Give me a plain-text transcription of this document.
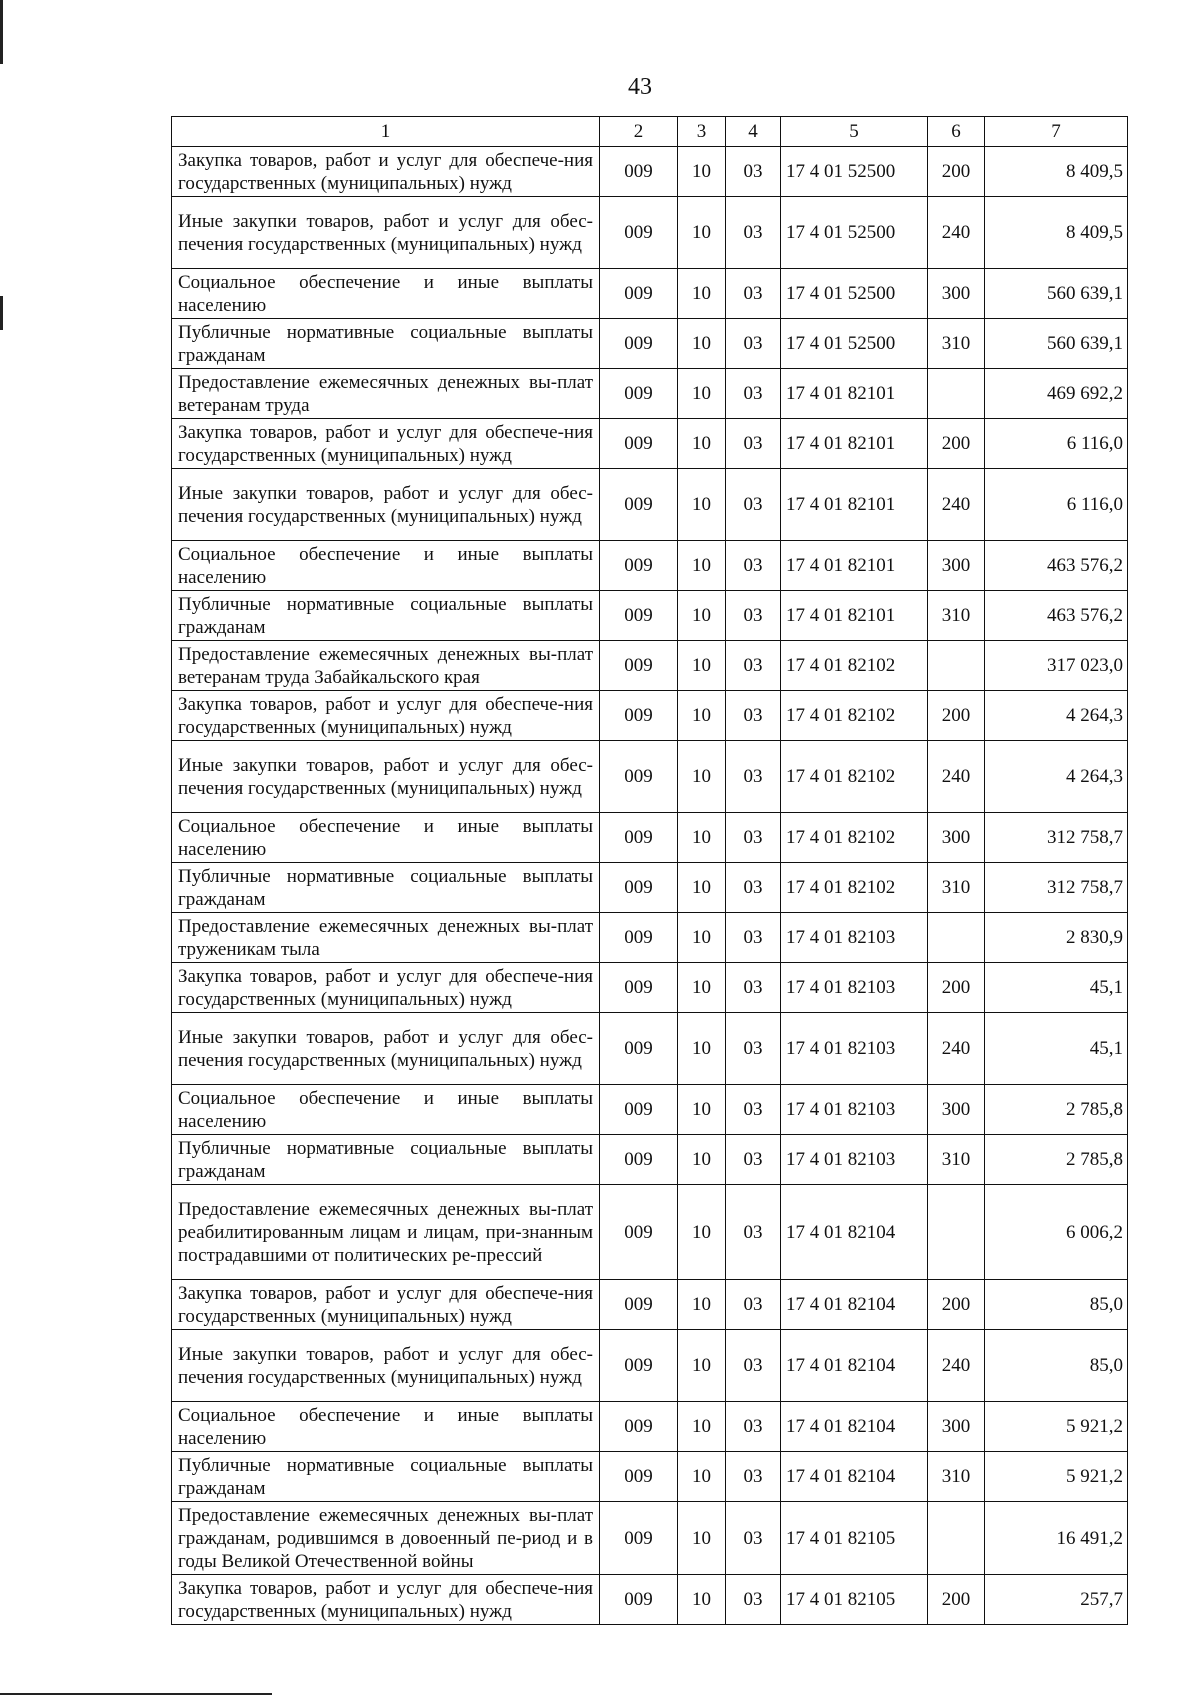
43
1	2	3	4	5	6	7
Закупка товаров, работ и услуг для обеспече-ния государственных (муниципальных) нужд	009	10	03	17 4 01 52500	200	8 409,5
Иные закупки товаров, работ и услуг для обес-печения государственных (муниципальных) нужд	009	10	03	17 4 01 52500	240	8 409,5
Социальное обеспечение и иные выплаты населению	009	10	03	17 4 01 52500	300	560 639,1
Публичные нормативные социальные выплаты гражданам	009	10	03	17 4 01 52500	310	560 639,1
Предоставление ежемесячных денежных вы-плат ветеранам труда	009	10	03	17 4 01 82101		469 692,2
Закупка товаров, работ и услуг для обеспече-ния государственных (муниципальных) нужд	009	10	03	17 4 01 82101	200	6 116,0
Иные закупки товаров, работ и услуг для обес-печения государственных (муниципальных) нужд	009	10	03	17 4 01 82101	240	6 116,0
Социальное обеспечение и иные выплаты населению	009	10	03	17 4 01 82101	300	463 576,2
Публичные нормативные социальные выплаты гражданам	009	10	03	17 4 01 82101	310	463 576,2
Предоставление ежемесячных денежных вы-плат ветеранам труда Забайкальского края	009	10	03	17 4 01 82102		317 023,0
Закупка товаров, работ и услуг для обеспече-ния государственных (муниципальных) нужд	009	10	03	17 4 01 82102	200	4 264,3
Иные закупки товаров, работ и услуг для обес-печения государственных (муниципальных) нужд	009	10	03	17 4 01 82102	240	4 264,3
Социальное обеспечение и иные выплаты населению	009	10	03	17 4 01 82102	300	312 758,7
Публичные нормативные социальные выплаты гражданам	009	10	03	17 4 01 82102	310	312 758,7
Предоставление ежемесячных денежных вы-плат труженикам тыла	009	10	03	17 4 01 82103		2 830,9
Закупка товаров, работ и услуг для обеспече-ния государственных (муниципальных) нужд	009	10	03	17 4 01 82103	200	45,1
Иные закупки товаров, работ и услуг для обес-печения государственных (муниципальных) нужд	009	10	03	17 4 01 82103	240	45,1
Социальное обеспечение и иные выплаты населению	009	10	03	17 4 01 82103	300	2 785,8
Публичные нормативные социальные выплаты гражданам	009	10	03	17 4 01 82103	310	2 785,8
Предоставление ежемесячных денежных вы-плат реабилитированным лицам и лицам, при-знанным пострадавшими от политических ре-прессий	009	10	03	17 4 01 82104		6 006,2
Закупка товаров, работ и услуг для обеспече-ния государственных (муниципальных) нужд	009	10	03	17 4 01 82104	200	85,0
Иные закупки товаров, работ и услуг для обес-печения государственных (муниципальных) нужд	009	10	03	17 4 01 82104	240	85,0
Социальное обеспечение и иные выплаты населению	009	10	03	17 4 01 82104	300	5 921,2
Публичные нормативные социальные выплаты гражданам	009	10	03	17 4 01 82104	310	5 921,2
Предоставление ежемесячных денежных вы-плат гражданам, родившимся в довоенный пе-риод и в годы Великой Отечественной войны	009	10	03	17 4 01 82105		16 491,2
Закупка товаров, работ и услуг для обеспече-ния государственных (муниципальных) нужд	009	10	03	17 4 01 82105	200	257,7
